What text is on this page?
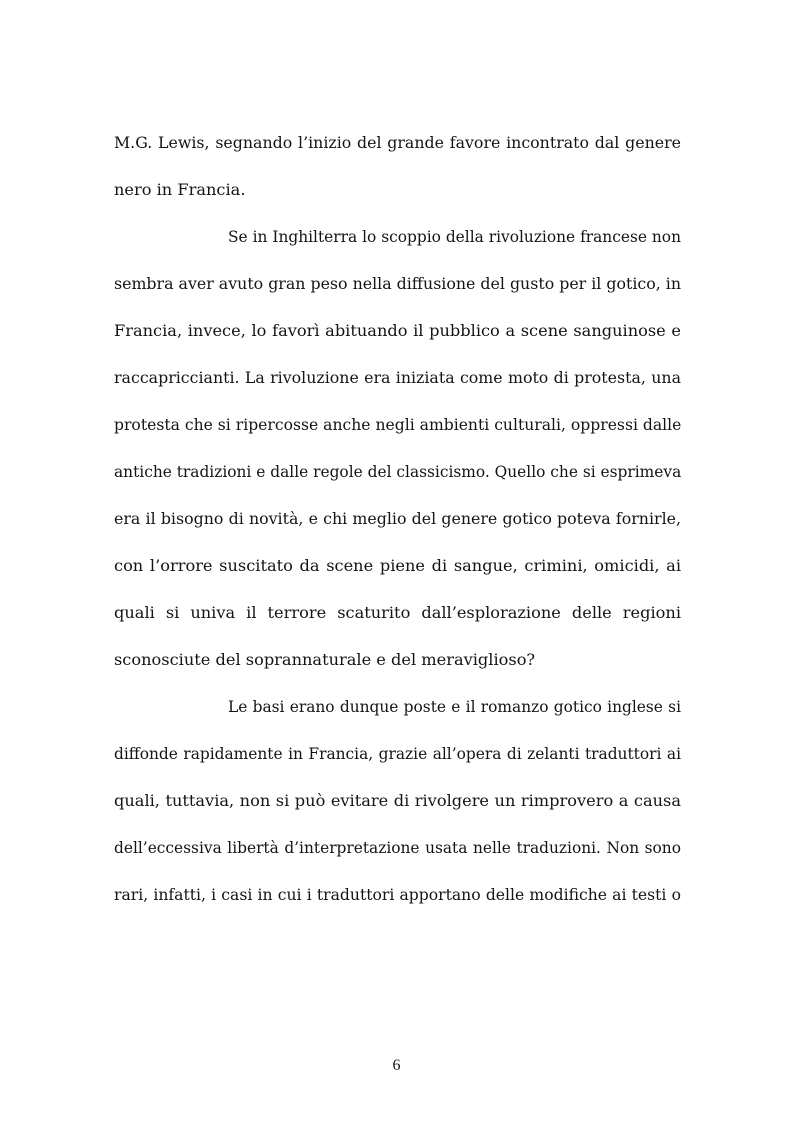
M.G. Lewis, segnando l’inizio del grande favore incontrato dal genere
nero in Francia.
Se in Inghilterra lo scoppio della rivoluzione francese non
sembra aver avuto gran peso nella diffusione del gusto per il gotico, in
Francia, invece, lo favorì abituando il pubblico a scene sanguinose e
raccapriccianti. La rivoluzione era iniziata come moto di protesta, una
protesta che si ripercosse anche negli ambienti culturali, oppressi dalle
antiche tradizioni e dalle regole del classicismo. Quello che si esprimeva
era il bisogno di novità, e chi meglio del genere gotico poteva fornirle,
con l’orrore suscitato da scene piene di sangue, crimini, omicidi, ai
quali si univa il terrore scaturito dall’esplorazione delle regioni
sconosciute del soprannaturale e del meraviglioso?
Le basi erano dunque poste e il romanzo gotico inglese si
diffonde rapidamente in Francia, grazie all’opera di zelanti traduttori ai
quali, tuttavia, non si può evitare di rivolgere un rimprovero a causa
dell’eccessiva libertà d’interpretazione usata nelle traduzioni. Non sono
rari, infatti, i casi in cui i traduttori apportano delle modifiche ai testi o
6
